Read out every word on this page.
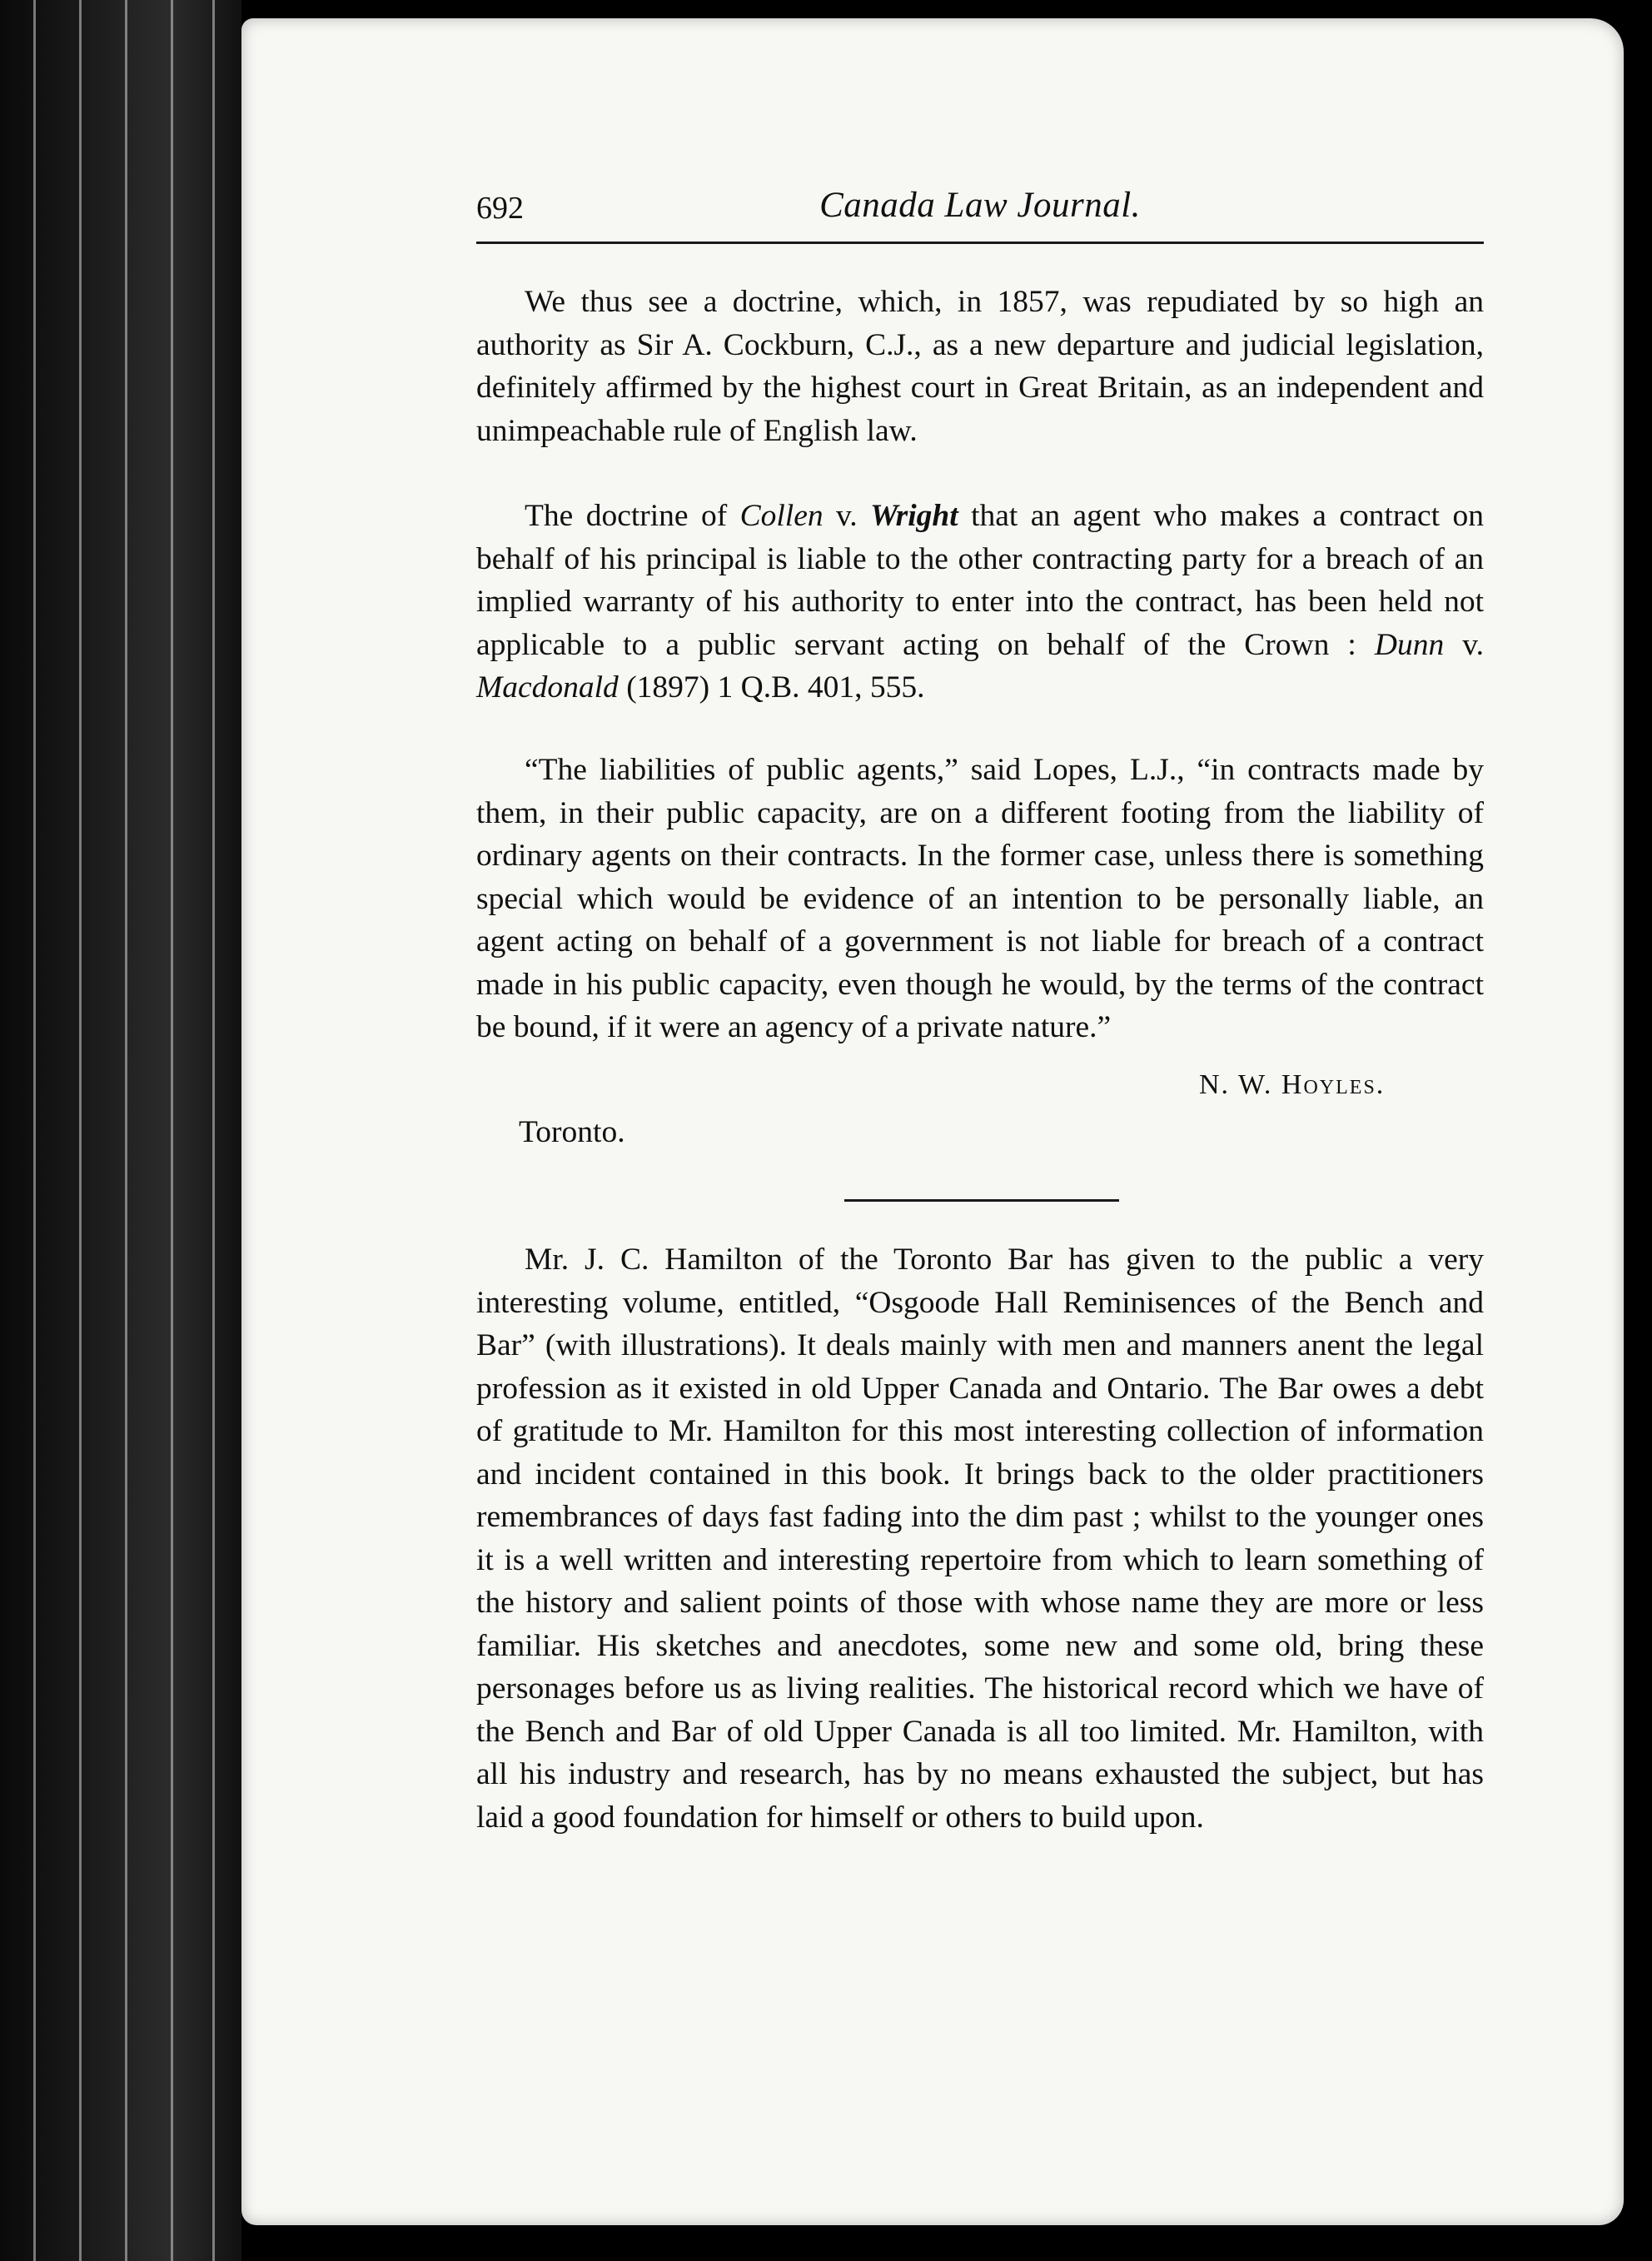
692	Canada Law Journal.

We thus see a doctrine, which, in 1857, was repudiated by so high an authority as Sir A. Cockburn, C.J., as a new departure and judicial legislation, definitely affirmed by the highest court in Great Britain, as an independent and unimpeachable rule of English law.

The doctrine of Collen v. Wright that an agent who makes a contract on behalf of his principal is liable to the other contracting party for a breach of an implied warranty of his authority to enter into the contract, has been held not applicable to a public servant acting on behalf of the Crown : Dunn v. Macdonald (1897) 1 Q.B. 401, 555.

“The liabilities of public agents,” said Lopes, L.J., “in contracts made by them, in their public capacity, are on a different footing from the liability of ordinary agents on their contracts. In the former case, unless there is something special which would be evidence of an intention to be personally liable, an agent acting on behalf of a government is not liable for breach of a contract made in his public capacity, even though he would, by the terms of the contract be bound, if it were an agency of a private nature.”

N. W. Hoyles.
Toronto.

Mr. J. C. Hamilton of the Toronto Bar has given to the public a very interesting volume, entitled, “Osgoode Hall Reminisences of the Bench and Bar” (with illustrations). It deals mainly with men and manners anent the legal profession as it existed in old Upper Canada and Ontario. The Bar owes a debt of gratitude to Mr. Hamilton for this most interesting collection of information and incident contained in this book. It brings back to the older practitioners remembrances of days fast fading into the dim past ; whilst to the younger ones it is a well written and interesting repertoire from which to learn something of the history and salient points of those with whose name they are more or less familiar. His sketches and anecdotes, some new and some old, bring these personages before us as living realities. The historical record which we have of the Bench and Bar of old Upper Canada is all too limited. Mr. Hamilton, with all his industry and research, has by no means exhausted the subject, but has laid a good foundation for himself or others to build upon.
